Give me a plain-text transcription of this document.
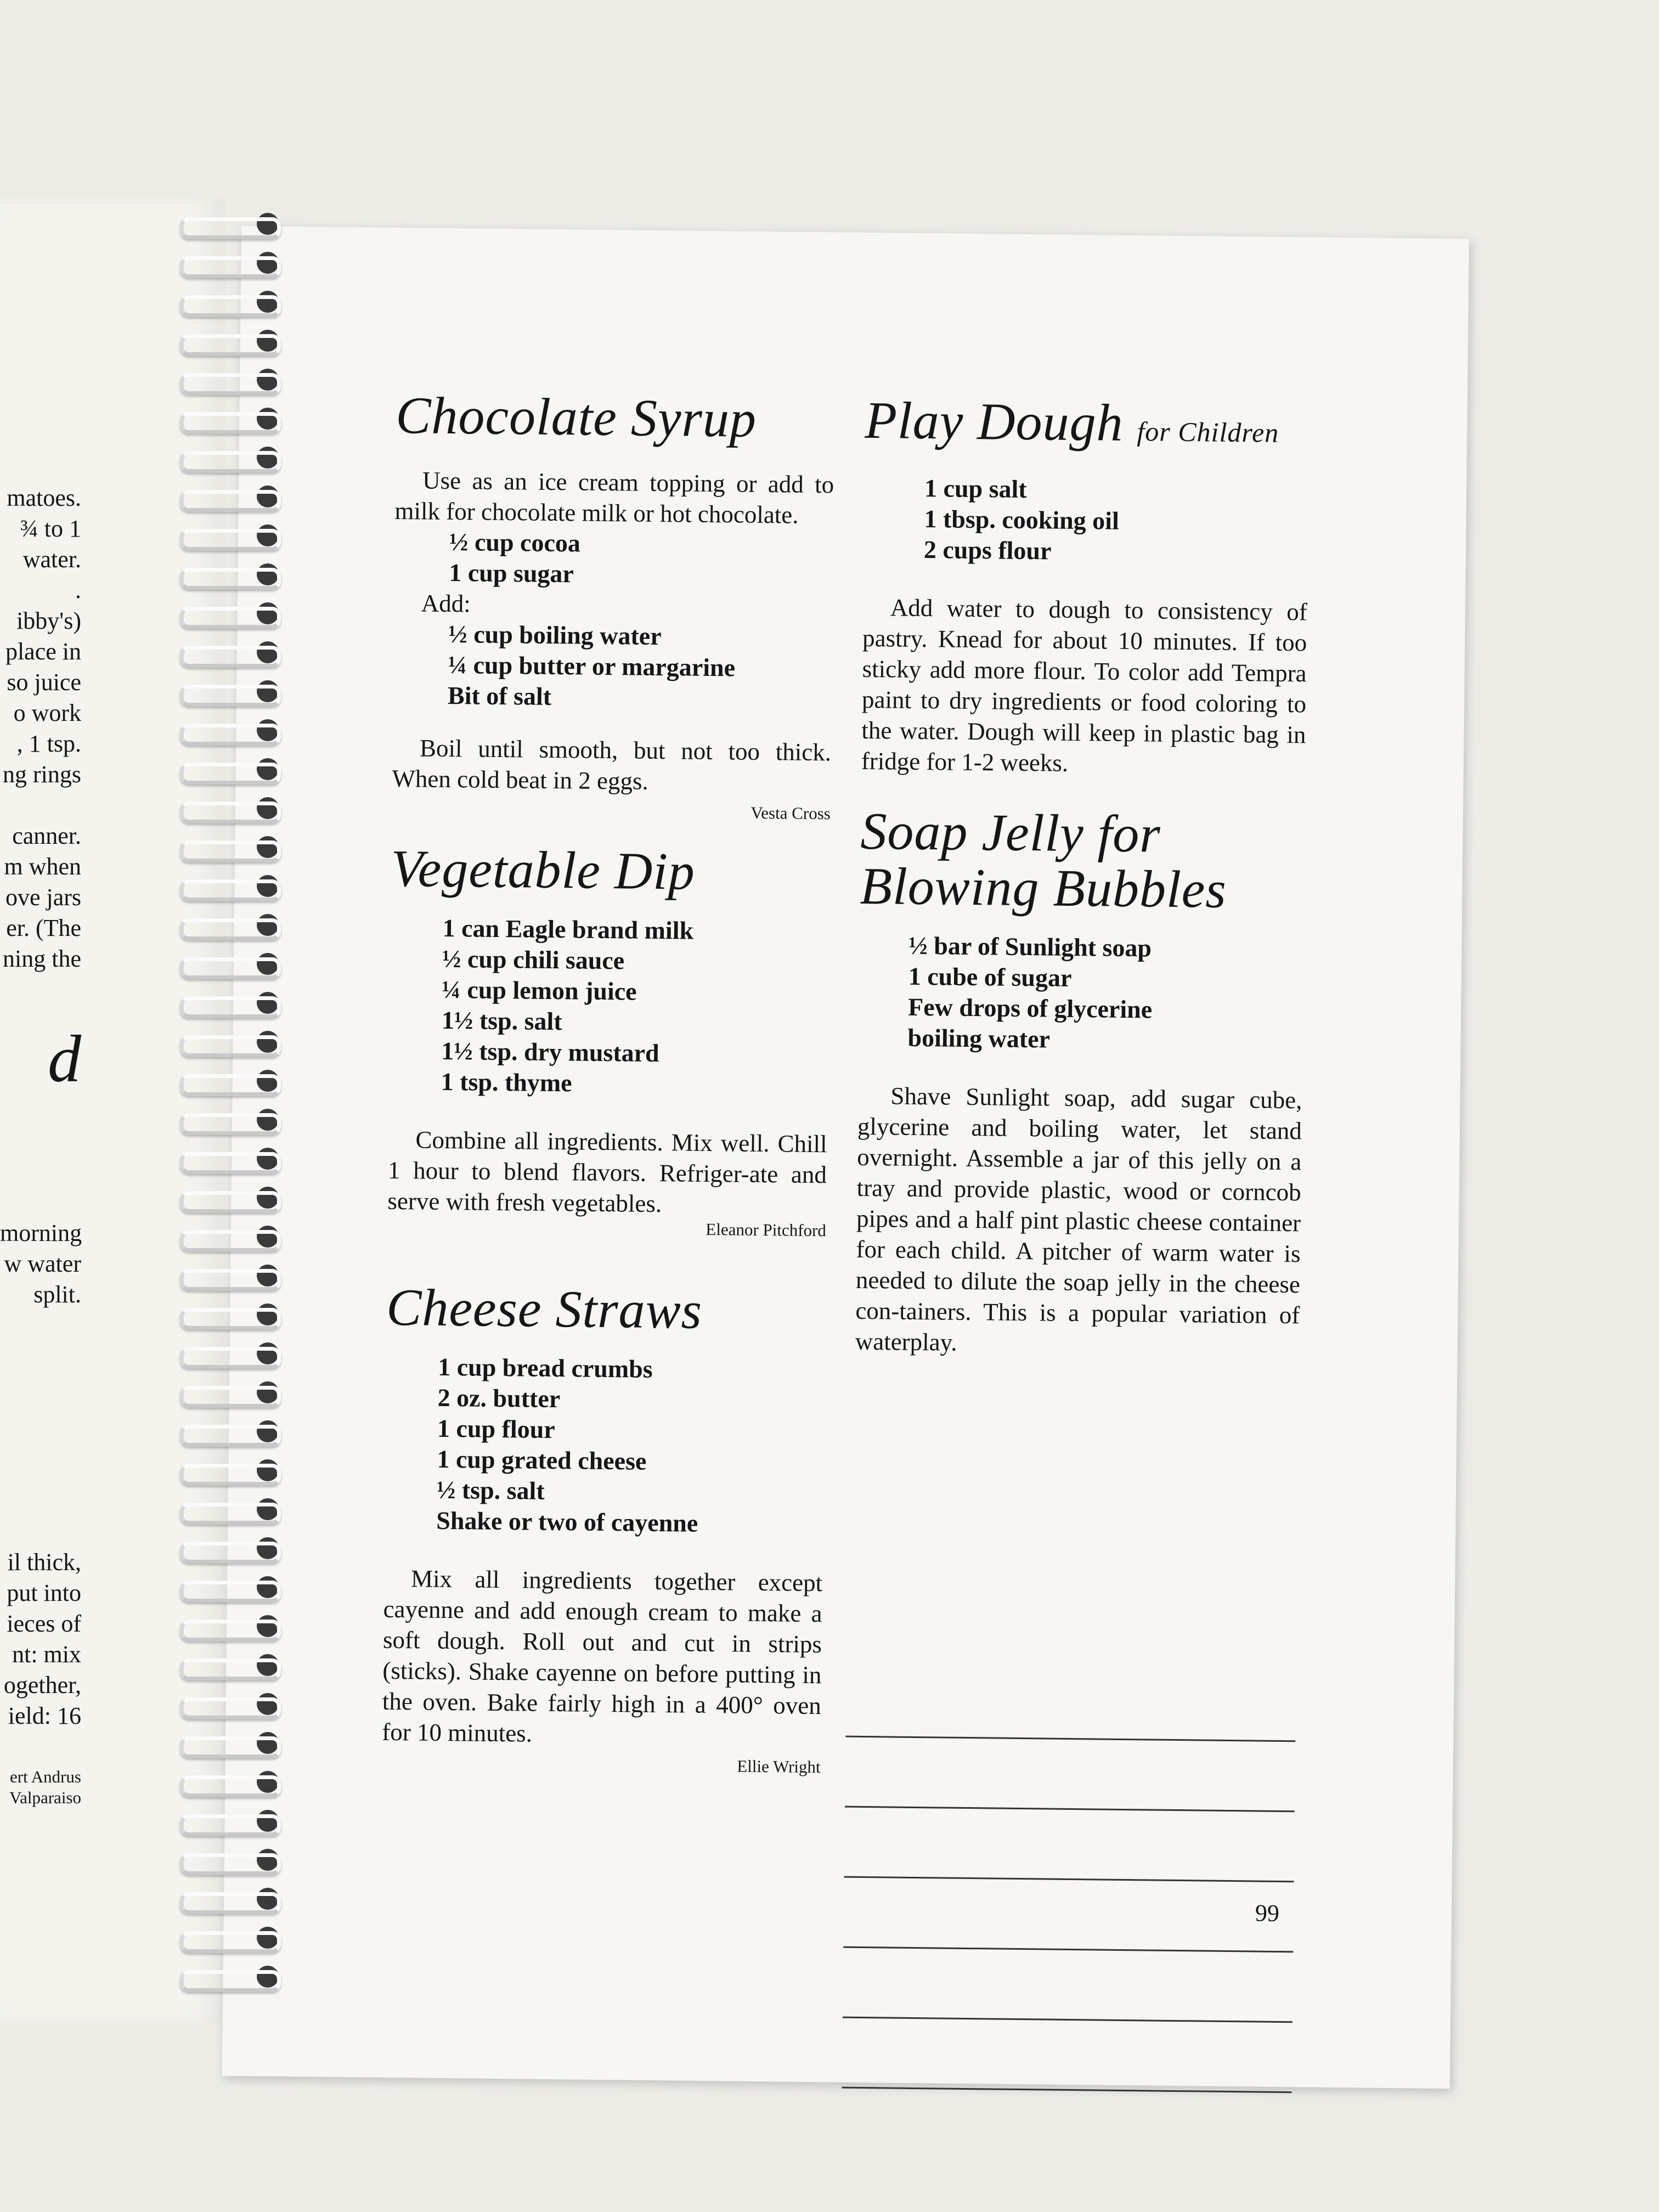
matoes.
¾ to 1
water.
.
ibby's)
place in
so juice
o work
, 1 tsp.
ng rings
canner.
m when
ove jars
er. (The
ning the
morning
w water
split.
il thick,
put into
ieces of
nt: mix
ogether,
ield: 16
d
ert Andrus
Valparaiso
Chocolate Syrup
Use as an ice cream topping or add to milk for chocolate milk or hot chocolate.
½ cup cocoa
1 cup sugar
Add:
½ cup boiling water
¼ cup butter or margarine
Bit of salt
Boil until smooth, but not too thick. When cold beat in 2 eggs.
Vesta Cross
Vegetable Dip
1 can Eagle brand milk
½ cup chili sauce
¼ cup lemon juice
1½ tsp. salt
1½ tsp. dry mustard
1 tsp. thyme
Combine all ingredients. Mix well. Chill 1 hour to blend flavors. Refriger-ate and serve with fresh vegetables.
Eleanor Pitchford
Cheese Straws
1 cup bread crumbs
2 oz. butter
1 cup flour
1 cup grated cheese
½ tsp. salt
Shake or two of cayenne
Mix all ingredients together except cayenne and add enough cream to make a soft dough. Roll out and cut in strips (sticks). Shake cayenne on before putting in the oven. Bake fairly high in a 400° oven for 10 minutes.
Ellie Wright
Play Dough for Children
1 cup salt
1 tbsp. cooking oil
2 cups flour
Add water to dough to consistency of pastry. Knead for about 10 minutes. If too sticky add more flour. To color add Tempra paint to dry ingredients or food coloring to the water. Dough will keep in plastic bag in fridge for 1-2 weeks.
Soap Jelly for
Blowing Bubbles
½ bar of Sunlight soap
1 cube of sugar
Few drops of glycerine
boiling water
Shave Sunlight soap, add sugar cube, glycerine and boiling water, let stand overnight. Assemble a jar of this jelly on a tray and provide plastic, wood or corncob pipes and a half pint plastic cheese container for each child. A pitcher of warm water is needed to dilute the soap jelly in the cheese con-tainers. This is a popular variation of waterplay.
99
